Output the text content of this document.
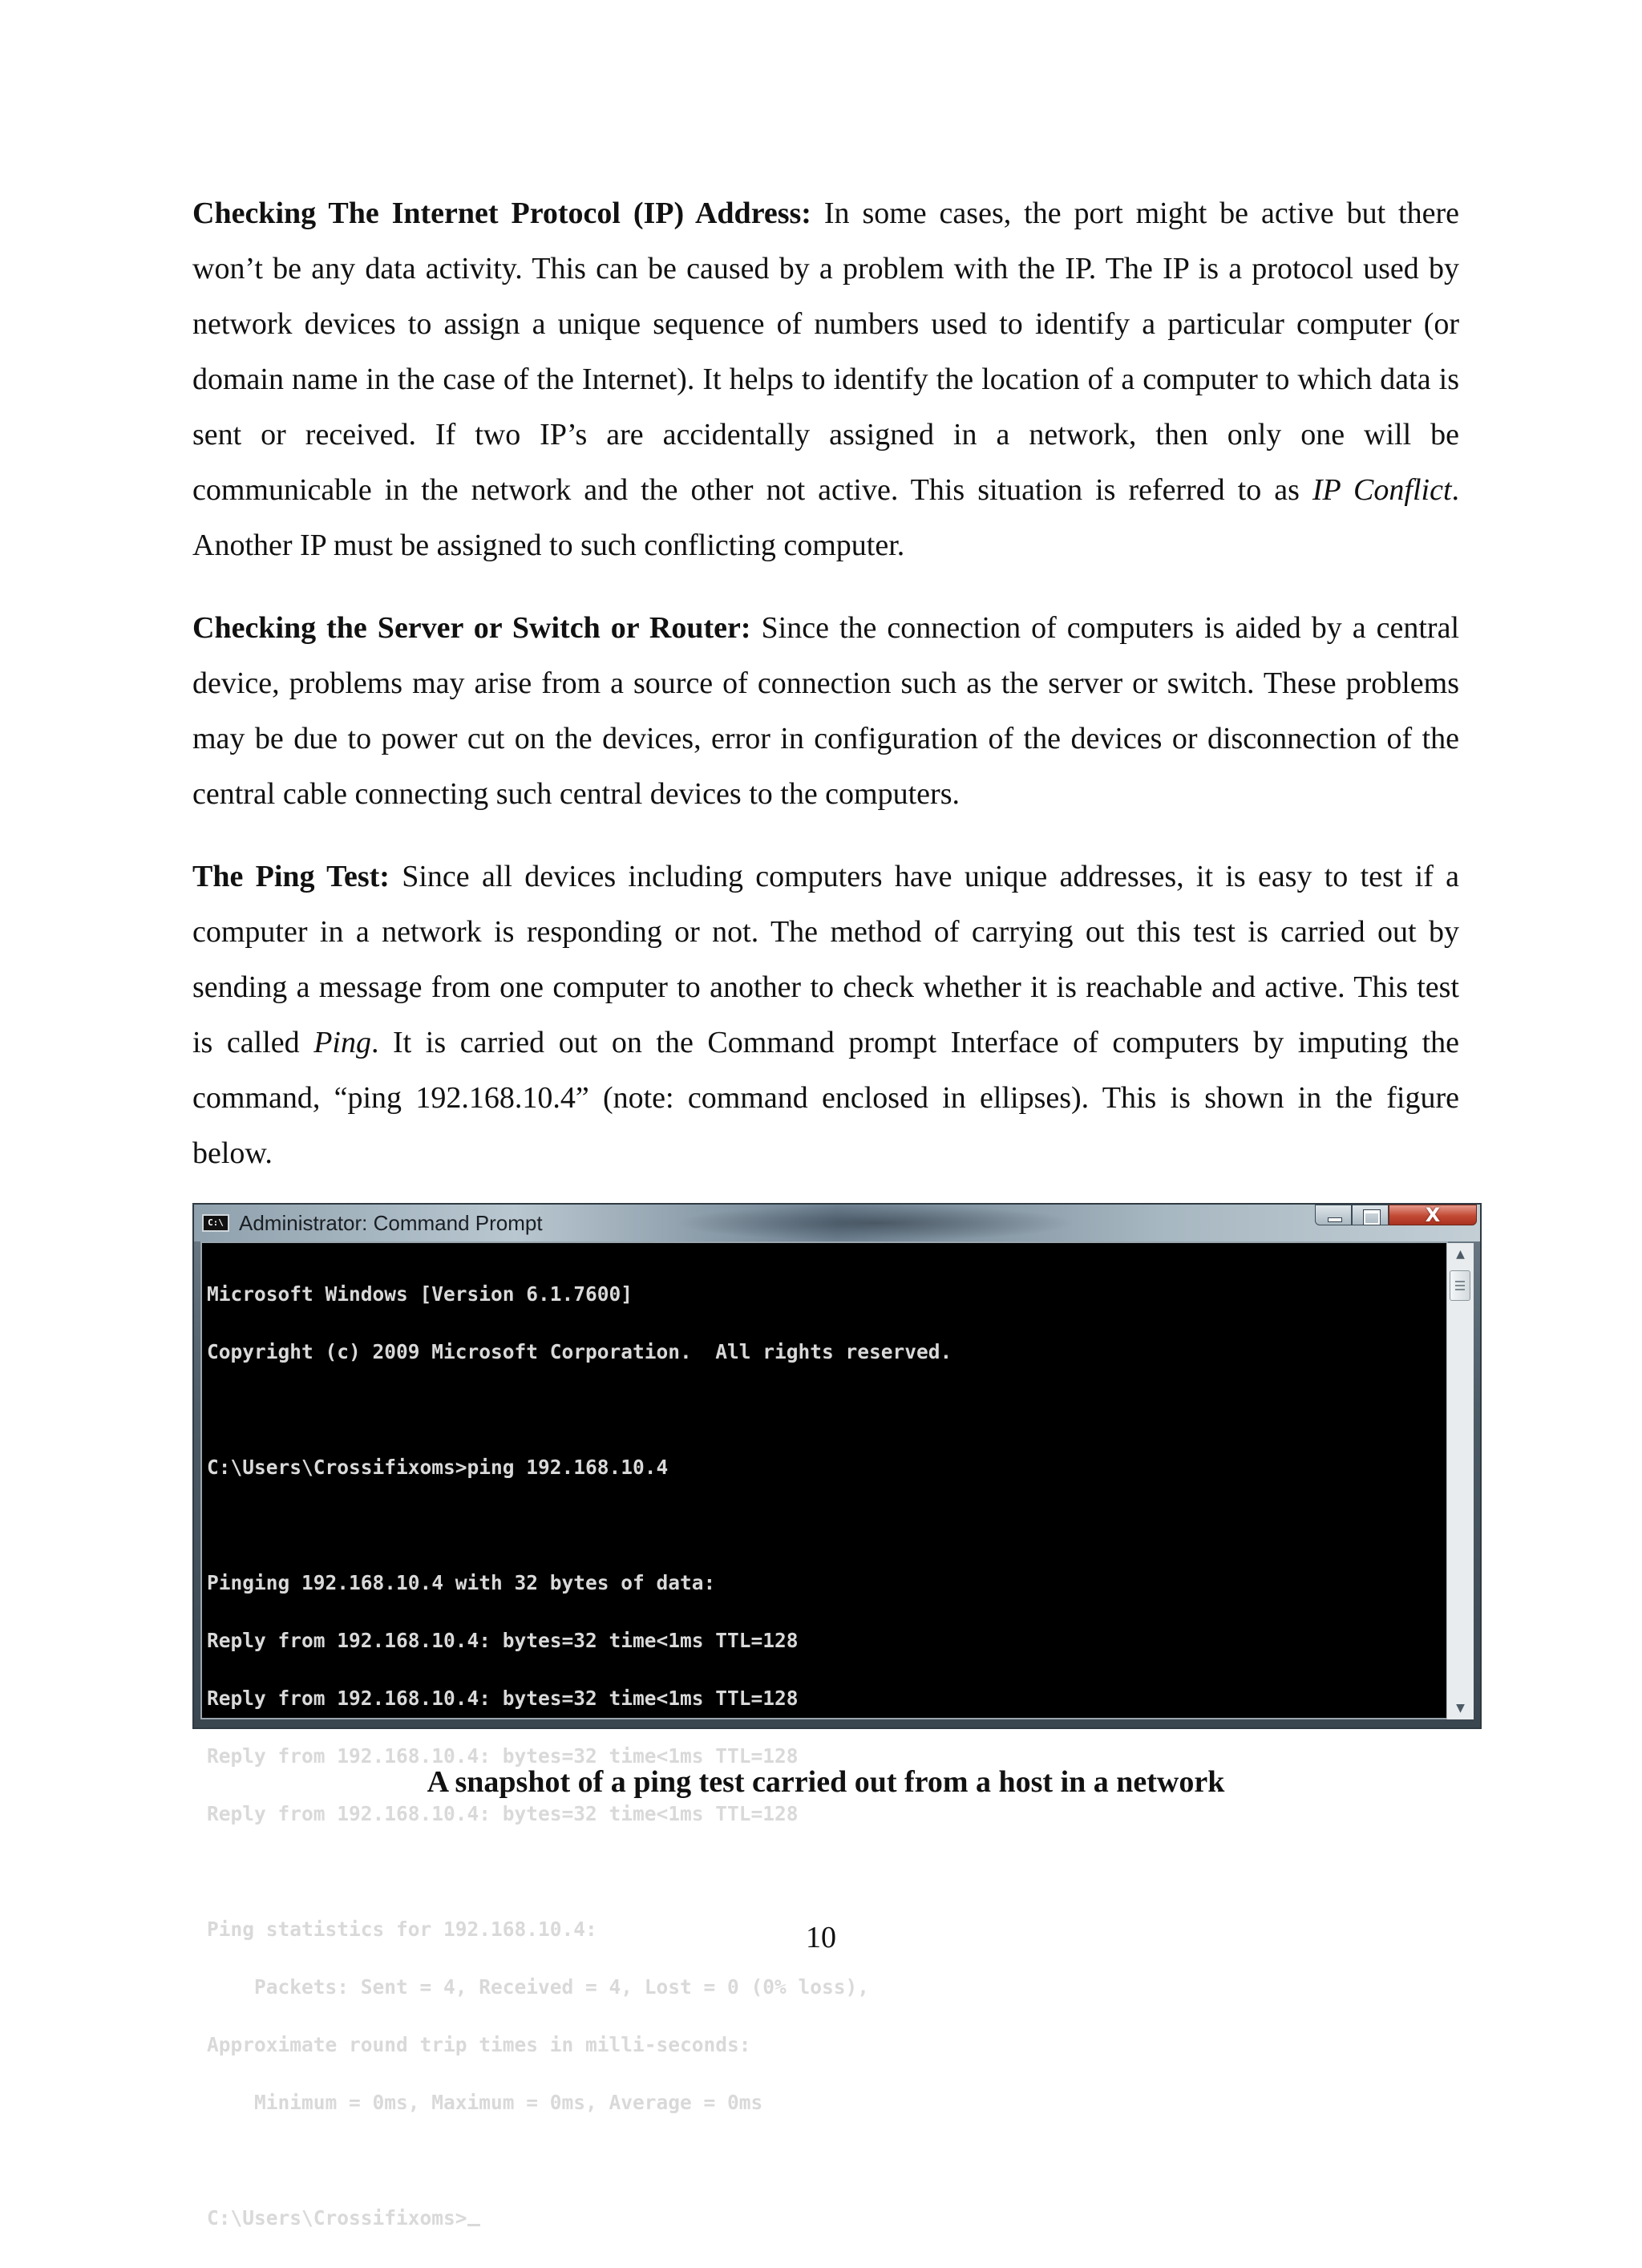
Checking The Internet Protocol (IP) Address: In some cases, the port might be active but there won’t be any data activity. This can be caused by a problem with the IP. The IP is a protocol used by network devices to assign a unique sequence of numbers used to identify a particular computer (or domain name in the case of the Internet). It helps to identify the location of a computer to which data is sent or received. If two IP’s are accidentally assigned in a network, then only one will be communicable in the network and the other not active. This situation is referred to as IP Conflict. Another IP must be assigned to such conflicting computer.

Checking the Server or Switch or Router: Since the connection of computers is aided by a central device, problems may arise from a source of connection such as the server or switch. These problems may be due to power cut on the devices, error in configuration of the devices or disconnection of the central cable connecting such central devices to the computers.

The Ping Test: Since all devices including computers have unique addresses, it is easy to test if a computer in a network is responding or not. The method of carrying out this test is carried out by sending a message from one computer to another to check whether it is reachable and active. This test is called Ping. It is carried out on the Command prompt Interface of computers by imputing the command, “ping 192.168.10.4” (note: command enclosed in ellipses). This is shown in the figure below.

C:\ Administrator: Command Prompt	X

Microsoft Windows [Version 6.1.7600]

Copyright (c) 2009 Microsoft Corporation.  All rights reserved.

C:\Users\Crossifixoms>ping 192.168.10.4

Pinging 192.168.10.4 with 32 bytes of data:

Reply from 192.168.10.4: bytes=32 time<1ms TTL=128

Reply from 192.168.10.4: bytes=32 time<1ms TTL=128

Reply from 192.168.10.4: bytes=32 time<1ms TTL=128

Reply from 192.168.10.4: bytes=32 time<1ms TTL=128

Ping statistics for 192.168.10.4:

Packets: Sent = 4, Received = 4, Lost = 0 (0% loss),

Approximate round trip times in milli-seconds:

Minimum = 0ms, Maximum = 0ms, Average = 0ms

C:\Users\Crossifixoms>

▲
▼

A snapshot of a ping test carried out from a host in a network

10
